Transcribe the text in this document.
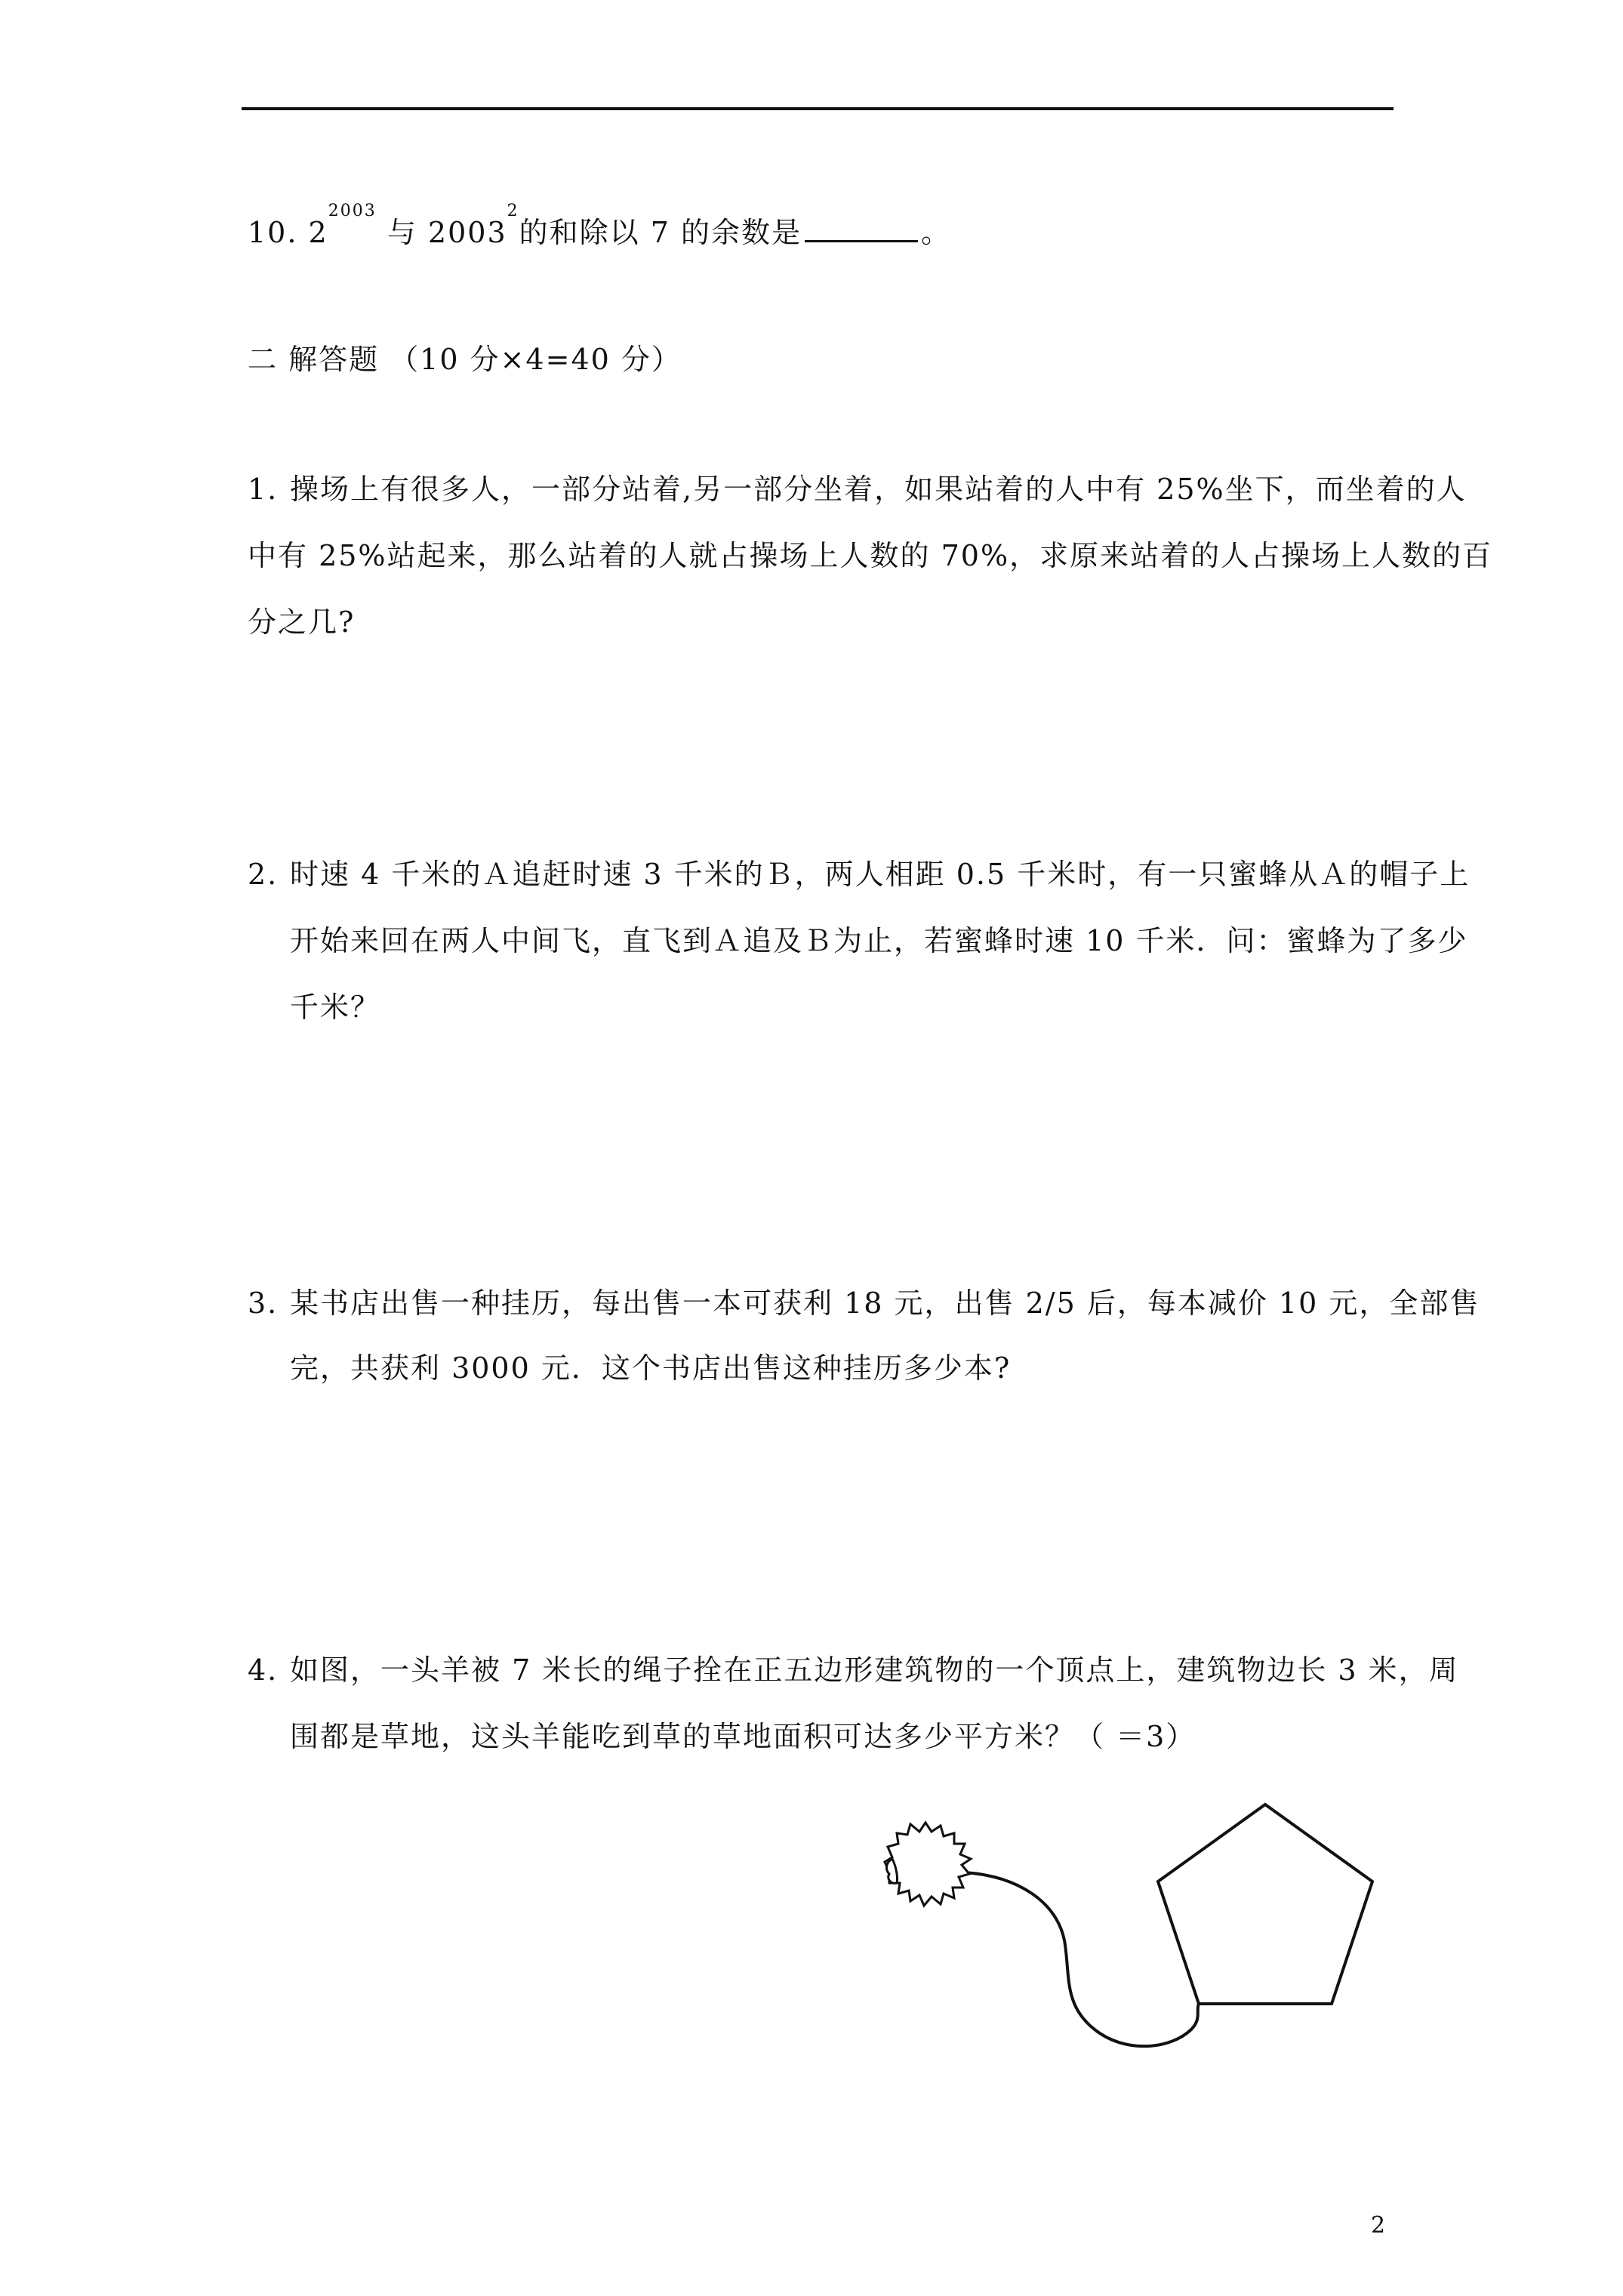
10. $2^{2003}$ 与 2003$^2$的和除以 7 的余数是	。
二 解答题 （10 分×4=40 分）
1. 操场上有很多人，一部分站着,另一部分坐着，如果站着的人中有 25%坐下，而坐着的人
中有 25%站起来，那么站着的人就占操场上人数的 70%，求原来站着的人占操场上人数的百
分之几?
2. 时速 4 千米的Ａ追赶时速 3 千米的Ｂ，两人相距 0.5 千米时，有一只蜜蜂从Ａ的帽子上
开始来回在两人中间飞，直飞到Ａ追及Ｂ为止，若蜜蜂时速 10 千米．问：蜜蜂为了多少
千米？
3. 某书店出售一种挂历，每出售一本可获利 18 元，出售 2/5 后，每本减价 10 元，全部售
完，共获利 3000 元．这个书店出售这种挂历多少本?
4. 如图，一头羊被 7 米长的绳子拴在正五边形建筑物的一个顶点上，建筑物边长 3 米，周
围都是草地，这头羊能吃到草的草地面积可达多少平方米？（ ＝3）
2
